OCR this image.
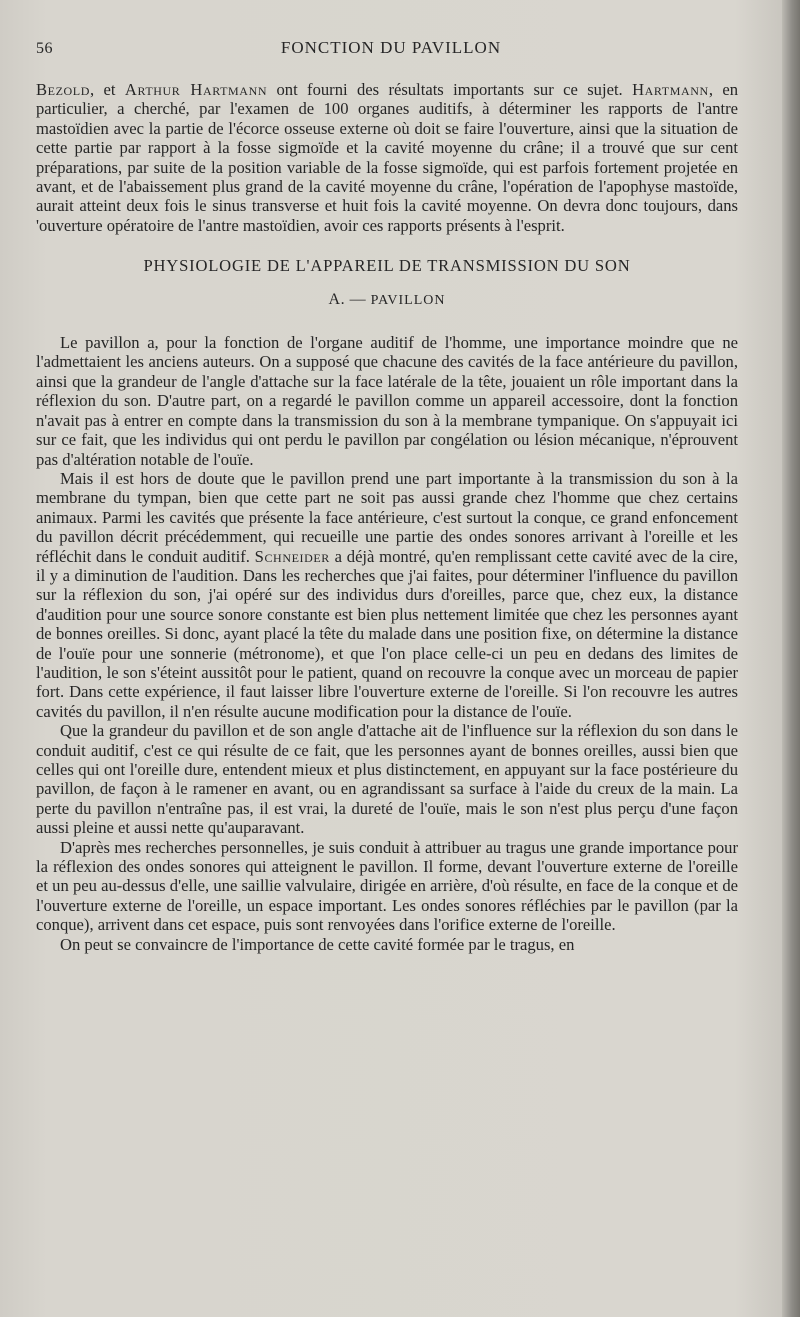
56	FONCTION DU PAVILLON

Bezold, et Arthur Hartmann ont fourni des résultats importants sur ce sujet. Hartmann, en particulier, a cherché, par l'examen de 100 organes auditifs, à déterminer les rapports de l'antre mastoïdien avec la partie de l'écorce osseuse externe où doit se faire l'ouverture, ainsi que la situation de cette partie par rapport à la fosse sigmoïde et la cavité moyenne du crâne; il a trouvé que sur cent préparations, par suite de la position variable de la fosse sigmoïde, qui est parfois fortement projetée en avant, et de l'abaissement plus grand de la cavité moyenne du crâne, l'opération de l'apophyse mastoïde, aurait atteint deux fois le sinus transverse et huit fois la cavité moyenne. On devra donc toujours, dans 'ouverture opératoire de l'antre mastoïdien, avoir ces rapports présents à l'esprit.

PHYSIOLOGIE DE L'APPAREIL DE TRANSMISSION DU SON

A. — PAVILLON

Le pavillon a, pour la fonction de l'organe auditif de l'homme, une importance moindre que ne l'admettaient les anciens auteurs. On a supposé que chacune des cavités de la face antérieure du pavillon, ainsi que la grandeur de l'angle d'attache sur la face latérale de la tête, jouaient un rôle important dans la réflexion du son. D'autre part, on a regardé le pavillon comme un appareil accessoire, dont la fonction n'avait pas à entrer en compte dans la transmission du son à la membrane tympanique. On s'appuyait ici sur ce fait, que les individus qui ont perdu le pavillon par congélation ou lésion mécanique, n'éprouvent pas d'altération notable de l'ouïe.

Mais il est hors de doute que le pavillon prend une part importante à la transmission du son à la membrane du tympan, bien que cette part ne soit pas aussi grande chez l'homme que chez certains animaux. Parmi les cavités que présente la face antérieure, c'est surtout la conque, ce grand enfoncement du pavillon décrit précédemment, qui recueille une partie des ondes sonores arrivant à l'oreille et les réfléchit dans le conduit auditif. Schneider a déjà montré, qu'en remplissant cette cavité avec de la cire, il y a diminution de l'audition. Dans les recherches que j'ai faites, pour déterminer l'influence du pavillon sur la réflexion du son, j'ai opéré sur des individus durs d'oreilles, parce que, chez eux, la distance d'audition pour une source sonore constante est bien plus nettement limitée que chez les personnes ayant de bonnes oreilles. Si donc, ayant placé la tête du malade dans une position fixe, on détermine la distance de l'ouïe pour une sonnerie (métronome), et que l'on place celle-ci un peu en dedans des limites de l'audition, le son s'éteint aussitôt pour le patient, quand on recouvre la conque avec un morceau de papier fort. Dans cette expérience, il faut laisser libre l'ouverture externe de l'oreille. Si l'on recouvre les autres cavités du pavillon, il n'en résulte aucune modification pour la distance de l'ouïe.

Que la grandeur du pavillon et de son angle d'attache ait de l'influence sur la réflexion du son dans le conduit auditif, c'est ce qui résulte de ce fait, que les personnes ayant de bonnes oreilles, aussi bien que celles qui ont l'oreille dure, entendent mieux et plus distinctement, en appuyant sur la face postérieure du pavillon, de façon à le ramener en avant, ou en agrandissant sa surface à l'aide du creux de la main. La perte du pavillon n'entraîne pas, il est vrai, la dureté de l'ouïe, mais le son n'est plus perçu d'une façon aussi pleine et aussi nette qu'auparavant.

D'après mes recherches personnelles, je suis conduit à attribuer au tragus une grande importance pour la réflexion des ondes sonores qui atteignent le pavillon. Il forme, devant l'ouverture externe de l'oreille et un peu au-dessus d'elle, une saillie valvulaire, dirigée en arrière, d'où résulte, en face de la conque et de l'ouverture externe de l'oreille, un espace important. Les ondes sonores réfléchies par le pavillon (par la conque), arrivent dans cet espace, puis sont renvoyées dans l'orifice externe de l'oreille.

On peut se convaincre de l'importance de cette cavité formée par le tragus, en
